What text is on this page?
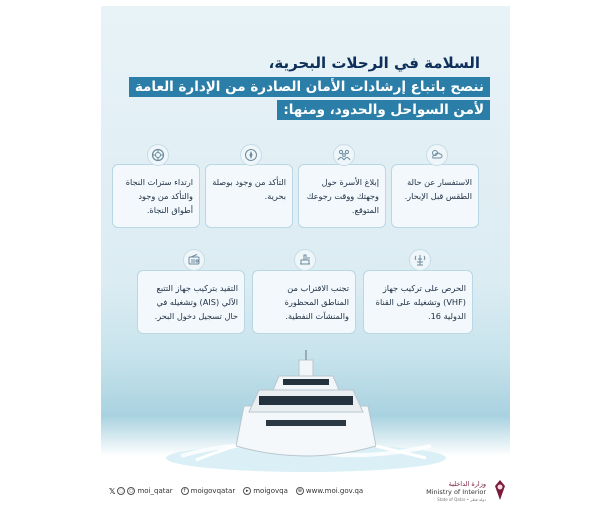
السلامة في الرحلات البحرية،
ننصح باتباع إرشادات الأمان الصادرة من الإدارة العامة لأمن السواحل والحدود، ومنها:
الاستفسار عن حالة الطقس قبل الإبحار.
إبلاغ الأسرة حول وجهتك ووقت رجوعك المتوقع.
التأكد من وجود بوصلة بحرية.
ارتداء سترات النجاة والتأكد من وجود أطواق النجاة.
الحرص على تركيب جهاز (VHF) وتشغيله على القناة الدولية 16.
تجنب الاقتراب من المناطق المحظورة والمنشآت النفطية.
التقيد بتركيب جهاز التتبع الآلي (AIS) وتشغيله في حال تسجيل دخول البحر.
𝕏 ◌	○ moi_qatar	f moigovqatar	▸ moigovqa	⊕ www.moi.gov.qa
وزارة الداخلية
Ministry of Interior
State of Qatar • دولة قطر
